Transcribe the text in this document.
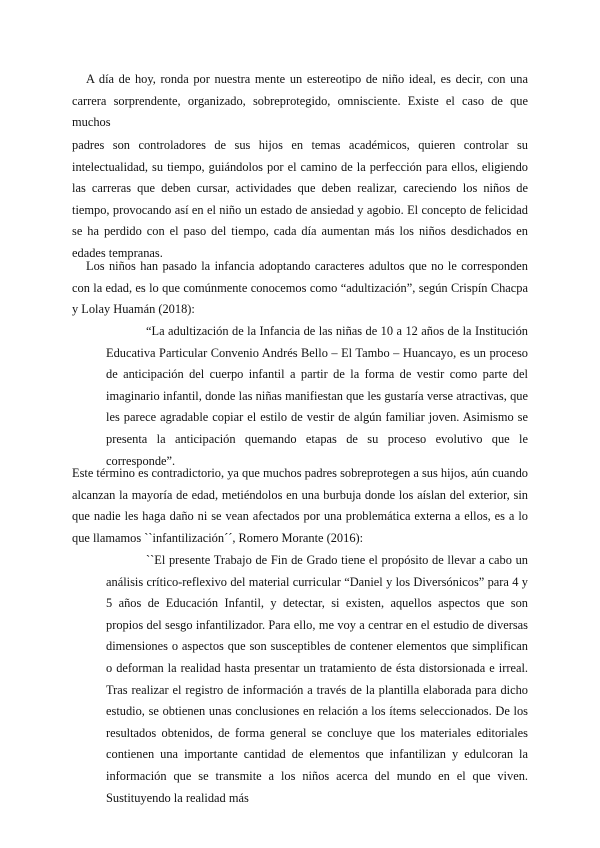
A día de hoy, ronda por nuestra mente un estereotipo de niño ideal, es decir, con una carrera sorprendente, organizado, sobreprotegido, omnisciente. Existe el caso de que muchos

padres son controladores de sus hijos en temas académicos, quieren controlar su intelectualidad, su tiempo, guiándolos por el camino de la perfección para ellos, eligiendo las carreras que deben cursar, actividades que deben realizar, careciendo los niños de tiempo, provocando así en el niño un estado de ansiedad y agobio. El concepto de felicidad se ha perdido con el paso del tiempo, cada día aumentan más los niños desdichados en edades tempranas.

Los niños han pasado la infancia adoptando caracteres adultos que no le corresponden con la edad, es lo que comúnmente conocemos como “adultización”, según Crispín Chacpa y Lolay Huamán (2018):

“La adultización de la Infancia de las niñas de 10 a 12 años de la Institución Educativa Particular Convenio Andrés Bello – El Tambo – Huancayo, es un proceso de anticipación del cuerpo infantil a partir de la forma de vestir como parte del imaginario infantil, donde las niñas manifiestan que les gustaría verse atractivas, que les parece agradable copiar el estilo de vestir de algún familiar joven. Asimismo se presenta la anticipación quemando etapas de su proceso evolutivo que le corresponde”.

Este término es contradictorio, ya que muchos padres sobreprotegen a sus hijos, aún cuando alcanzan la mayoría de edad, metiéndolos en una burbuja donde los aíslan del exterior, sin que nadie les haga daño ni se vean afectados por una problemática externa a ellos, es a lo que llamamos ``infantilización´´, Romero Morante (2016):

``El presente Trabajo de Fin de Grado tiene el propósito de llevar a cabo un análisis crítico-reflexivo del material curricular “Daniel y los Diversónicos” para 4 y 5 años de Educación Infantil, y detectar, si existen, aquellos aspectos que son propios del sesgo infantilizador. Para ello, me voy a centrar en el estudio de diversas dimensiones o aspectos que son susceptibles de contener elementos que simplifican o deforman la realidad hasta presentar un tratamiento de ésta distorsionada e irreal. Tras realizar el registro de información a través de la plantilla elaborada para dicho estudio, se obtienen unas conclusiones en relación a los ítems seleccionados. De los resultados obtenidos, de forma general se concluye que los materiales editoriales contienen una importante cantidad de elementos que infantilizan y edulcoran la información que se transmite a los niños acerca del mundo en el que viven. Sustituyendo la realidad más
